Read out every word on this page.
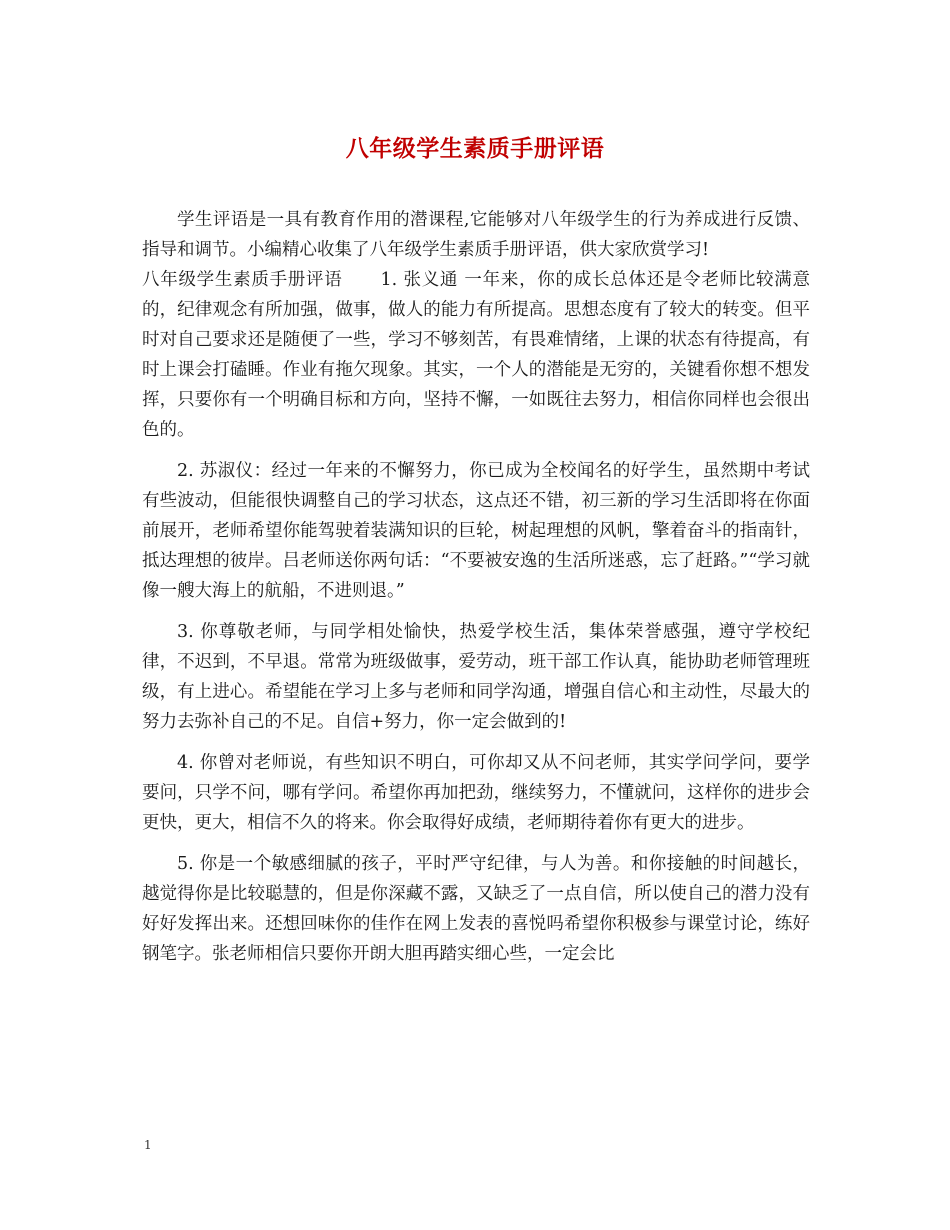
八年级学生素质手册评语

学生评语是一具有教育作用的潜课程,它能够对八年级学生的行为养成进行反馈、指导和调节。小编精心收集了八年级学生素质手册评语，供大家欣赏学习!

八年级学生素质手册评语 1. 张义通 一年来，你的成长总体还是令老师比较满意的，纪律观念有所加强，做事，做人的能力有所提高。思想态度有了较大的转变。但平时对自己要求还是随便了一些，学习不够刻苦，有畏难情绪，上课的状态有待提高，有时上课会打磕睡。作业有拖欠现象。其实，一个人的潜能是无穷的，关键看你想不想发挥，只要你有一个明确目标和方向，坚持不懈，一如既往去努力，相信你同样也会很出色的。

2. 苏淑仪：经过一年来的不懈努力，你已成为全校闻名的好学生，虽然期中考试有些波动，但能很快调整自己的学习状态，这点还不错，初三新的学习生活即将在你面前展开，老师希望你能驾驶着装满知识的巨轮，树起理想的风帆，擎着奋斗的指南针，抵达理想的彼岸。吕老师送你两句话：“不要被安逸的生活所迷惑，忘了赶路。”“学习就像一艘大海上的航船，不进则退。”

3. 你尊敬老师，与同学相处愉快，热爱学校生活，集体荣誉感强，遵守学校纪律，不迟到，不早退。常常为班级做事，爱劳动，班干部工作认真，能协助老师管理班级，有上进心。希望能在学习上多与老师和同学沟通，增强自信心和主动性，尽最大的努力去弥补自己的不足。自信+努力，你一定会做到的!

4. 你曾对老师说，有些知识不明白，可你却又从不问老师，其实学问学问，要学要问，只学不问，哪有学问。希望你再加把劲，继续努力，不懂就问，这样你的进步会更快，更大，相信不久的将来。你会取得好成绩，老师期待着你有更大的进步。

5. 你是一个敏感细腻的孩子，平时严守纪律，与人为善。和你接触的时间越长，越觉得你是比较聪慧的，但是你深藏不露，又缺乏了一点自信，所以使自己的潜力没有好好发挥出来。还想回味你的佳作在网上发表的喜悦吗希望你积极参与课堂讨论，练好钢笔字。张老师相信只要你开朗大胆再踏实细心些，一定会比

1
